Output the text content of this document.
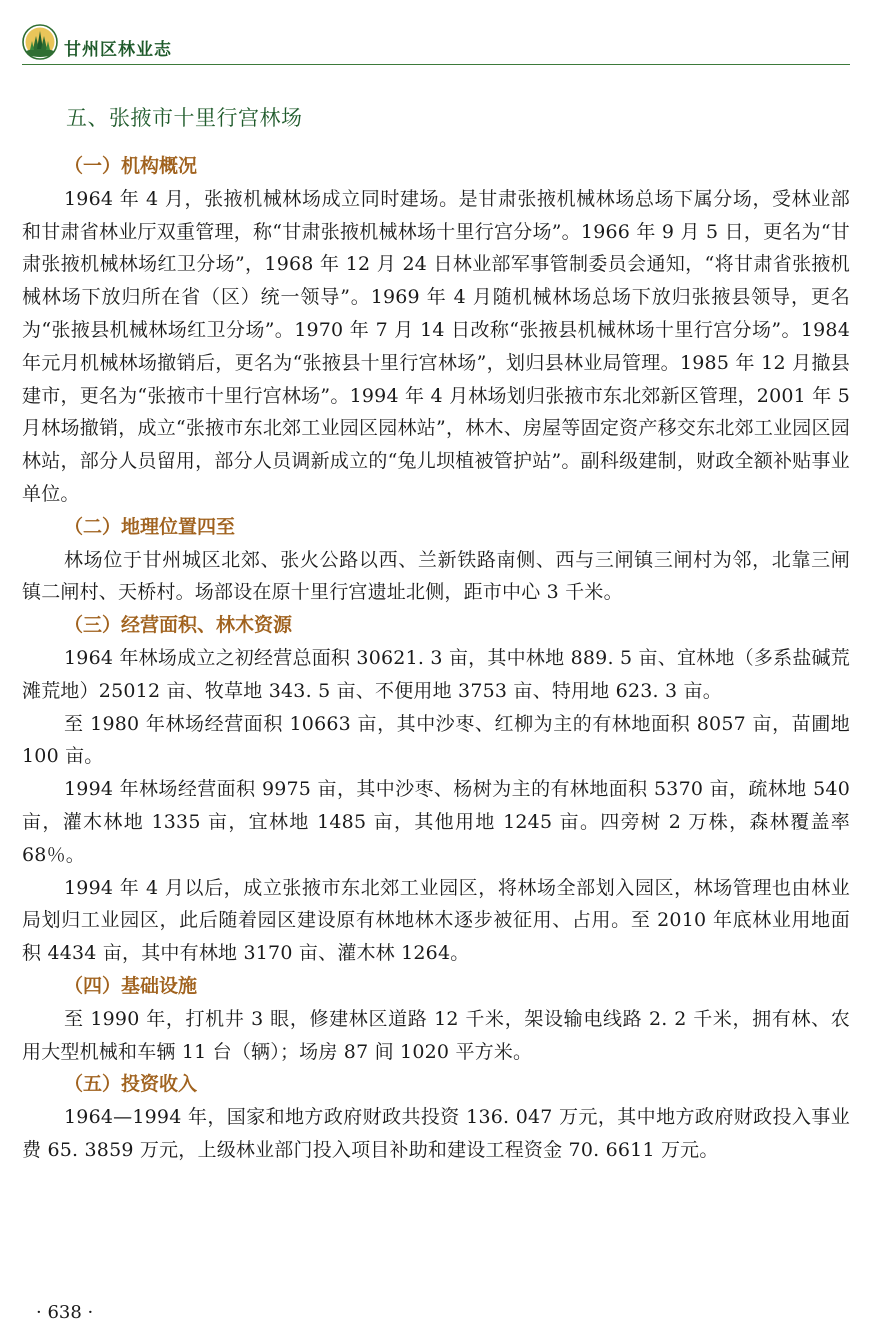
甘州区林业志
五、张掖市十里行宫林场

（一）机构概况

1964 年 4 月，张掖机械林场成立同时建场。是甘肃张掖机械林场总场下属分场，受林业部和甘肃省林业厅双重管理，称“甘肃张掖机械林场十里行宫分场”。1966 年 9 月 5 日，更名为“甘肃张掖机械林场红卫分场”，1968 年 12 月 24 日林业部军事管制委员会通知，“将甘肃省张掖机械林场下放归所在省（区）统一领导”。1969 年 4 月随机械林场总场下放归张掖县领导，更名为“张掖县机械林场红卫分场”。1970 年 7 月 14 日改称“张掖县机械林场十里行宫分场”。1984 年元月机械林场撤销后，更名为“张掖县十里行宫林场”，划归县林业局管理。1985 年 12 月撤县建市，更名为“张掖市十里行宫林场”。1994 年 4 月林场划归张掖市东北郊新区管理，2001 年 5 月林场撤销，成立“张掖市东北郊工业园区园林站”，林木、房屋等固定资产移交东北郊工业园区园林站，部分人员留用，部分人员调新成立的“兔儿坝植被管护站”。副科级建制，财政全额补贴事业单位。

（二）地理位置四至

林场位于甘州城区北郊、张火公路以西、兰新铁路南侧、西与三闸镇三闸村为邻，北靠三闸镇二闸村、天桥村。场部设在原十里行宫遗址北侧，距市中心 3 千米。

（三）经营面积、林木资源

1964 年林场成立之初经营总面积 30621. 3 亩，其中林地 889. 5 亩、宜林地（多系盐碱荒滩荒地）25012 亩、牧草地 343. 5 亩、不便用地 3753 亩、特用地 623. 3 亩。

至 1980 年林场经营面积 10663 亩，其中沙枣、红柳为主的有林地面积 8057 亩，苗圃地 100 亩。

1994 年林场经营面积 9975 亩，其中沙枣、杨树为主的有林地面积 5370 亩，疏林地 540 亩，灌木林地 1335 亩，宜林地 1485 亩，其他用地 1245 亩。四旁树 2 万株，森林覆盖率 68％。

1994 年 4 月以后，成立张掖市东北郊工业园区，将林场全部划入园区，林场管理也由林业局划归工业园区，此后随着园区建设原有林地林木逐步被征用、占用。至 2010 年底林业用地面积 4434 亩，其中有林地 3170 亩、灌木林 1264。

（四）基础设施

至 1990 年，打机井 3 眼，修建林区道路 12 千米，架设输电线路 2. 2 千米，拥有林、农用大型机械和车辆 11 台（辆）；场房 87 间 1020 平方米。

（五）投资收入

1964—1994 年，国家和地方政府财政共投资 136. 047 万元，其中地方政府财政投入事业费 65. 3859 万元，上级林业部门投入项目补助和建设工程资金 70. 6611 万元。

· 638 ·
